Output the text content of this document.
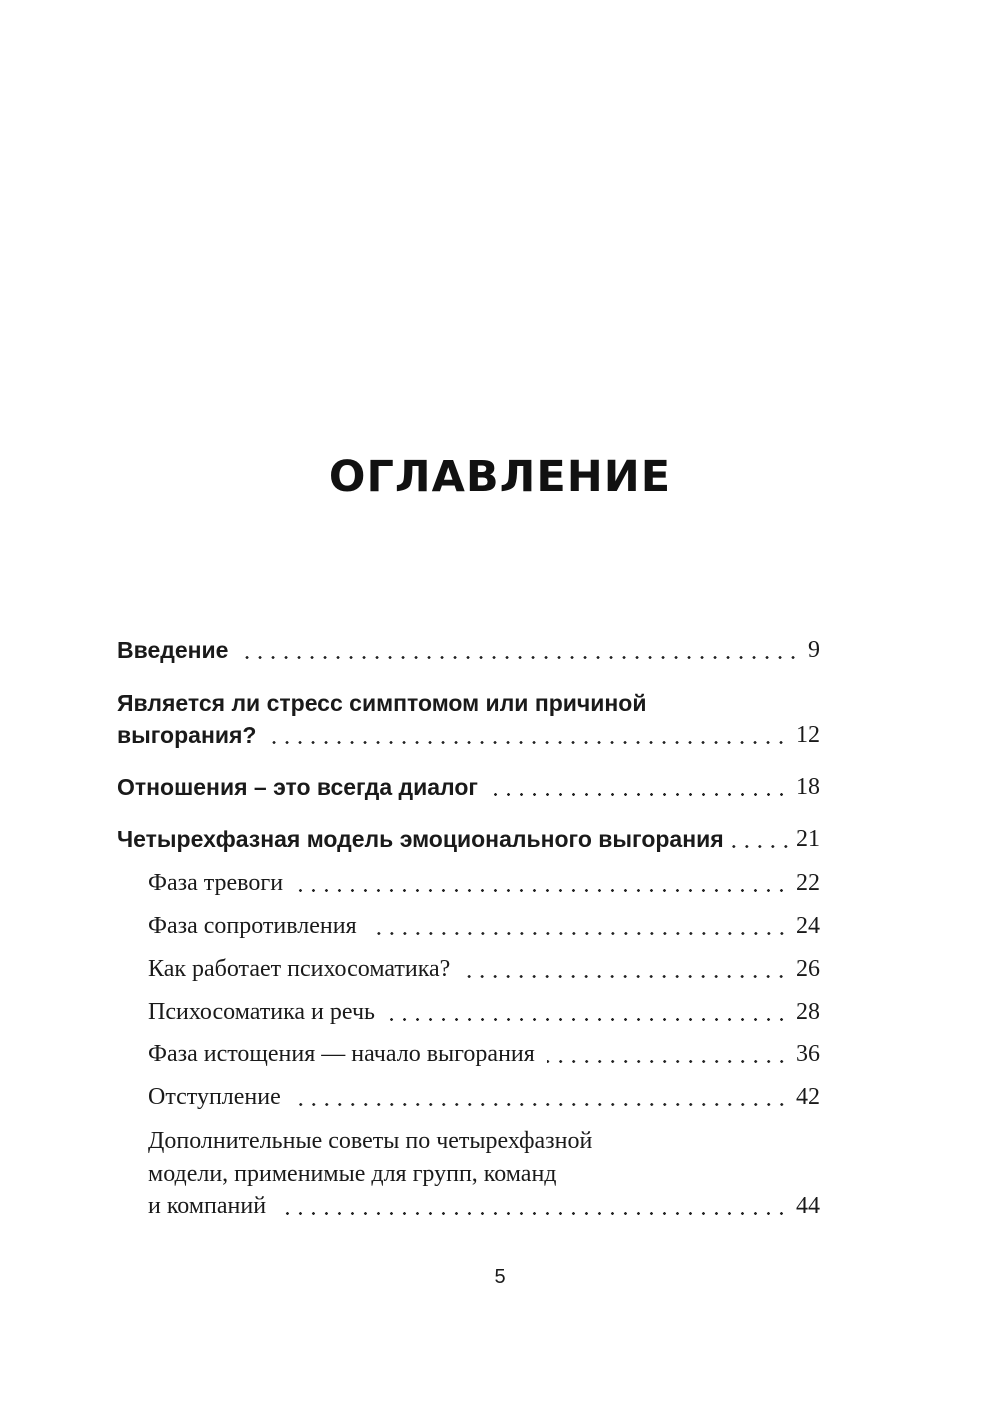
ОГЛАВЛЕНИЕ
Введение	9
Является ли стресс симптомом или причиной
выгорания?	12
Отношения – это всегда диалог	18
Четырехфазная модель эмоционального выгорания	21
Фаза тревоги	22
Фаза сопротивления	24
Как работает психосоматика?	26
Психосоматика и речь	28
Фаза истощения — начало выгорания	36
Отступление	42
Дополнительные советы по четырехфазной
модели, применимые для групп, команд
и компаний	44
5
